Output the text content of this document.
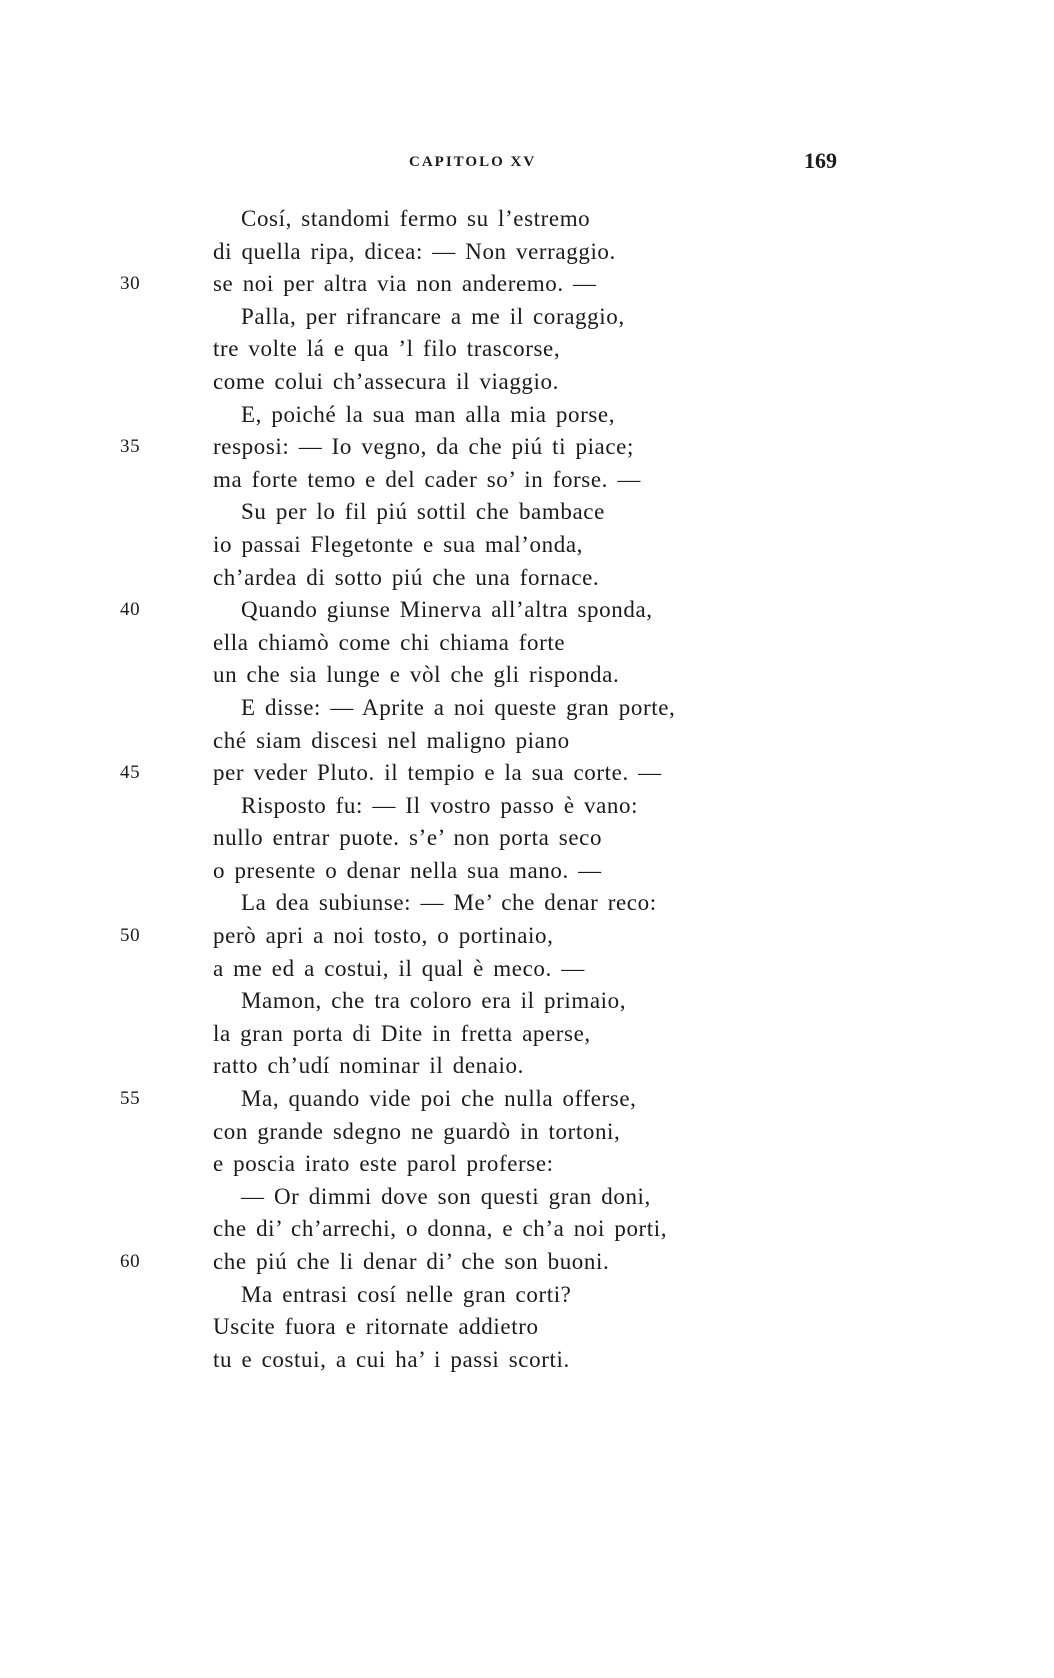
CAPITOLO XV	169
Cosí, standomi fermo su l’estremo
di quella ripa, dicea: — Non verraggio.
30	se noi per altra via non anderemo. —
Palla, per rifrancare a me il coraggio,
tre volte lá e qua ’l filo trascorse,
come colui ch’assecura il viaggio.
E, poiché la sua man alla mia porse,
35	resposi: — Io vegno, da che piú ti piace;
ma forte temo e del cader so’ in forse. —
Su per lo fil piú sottil che bambace
io passai Flegetonte e sua mal’onda,
ch’ardea di sotto piú che una fornace.
40	Quando giunse Minerva all’altra sponda,
ella chiamò come chi chiama forte
un che sia lunge e vòl che gli risponda.
E disse: — Aprite a noi queste gran porte,
ché siam discesi nel maligno piano
45	per veder Pluto. il tempio e la sua corte. —
Risposto fu: — Il vostro passo è vano:
nullo entrar puote. s’e’ non porta seco
o presente o denar nella sua mano. —
La dea subiunse: — Me’ che denar reco:
50	però apri a noi tosto, o portinaio,
a me ed a costui, il qual è meco. —
Mamon, che tra coloro era il primaio,
la gran porta di Dite in fretta aperse,
ratto ch’udí nominar il denaio.
55	Ma, quando vide poi che nulla offerse,
con grande sdegno ne guardò in tortoni,
e poscia irato este parol proferse:
— Or dimmi dove son questi gran doni,
che di’ ch’arrechi, o donna, e ch’a noi porti,
60	che piú che li denar di’ che son buoni.
Ma entrasi cosí nelle gran corti?
Uscite fuora e ritornate addietro
tu e costui, a cui ha’ i passi scorti.
